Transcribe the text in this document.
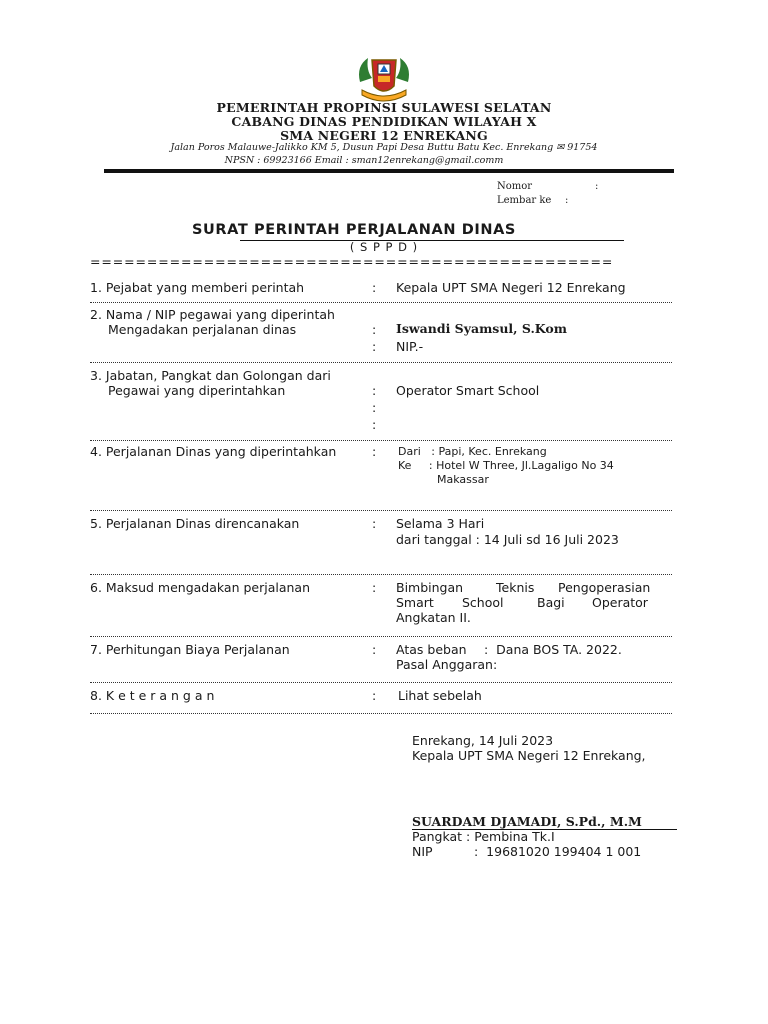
PEMERINTAH PROPINSI SULAWESI SELATAN
CABANG DINAS PENDIDIKAN WILAYAH X
SMA NEGERI 12 ENREKANG
Jalan Poros Malauwe-Jalikko KM 5, Dusun Papi Desa Buttu Batu Kec. Enrekang ✉ 91754
NPSN : 69923166 Email : sman12enrekang@gmail.comm
Nomor	:
Lembar ke :
SURAT PERINTAH PERJALANAN DINAS
( S P P D )
==============================================
1. Pejabat yang memberi perintah	: Kepala UPT SMA Negeri 12 Enrekang
2. Nama / NIP pegawai yang diperintah
Mengadakan perjalanan dinas	: Iswandi Syamsul, S.Kom
: NIP.-
3. Jabatan, Pangkat dan Golongan dari
Pegawai yang diperintahkan	: Operator Smart School
:
:
4. Perjalanan Dinas yang diperintahkan	: Dari   : Papi, Kec. Enrekang
Ke     : Hotel W Three, Jl.Lagaligo No 34
Makassar
5. Perjalanan Dinas direncanakan	: Selama 3 Hari
dari tanggal : 14 Juli sd 16 Juli 2023
6. Maksud mengadakan perjalanan	: Bimbingan	Teknis Pengoperasian
Smart School	Bagi Operator
Angkatan II.
7. Perhitungan Biaya Perjalanan	: Atas beban :  Dana BOS TA. 2022.
Pasal Anggaran:
8. K e t e r a n g a n	: Lihat sebelah
Enrekang, 14 Juli 2023
Kepala UPT SMA Negeri 12 Enrekang,
SUARDAM DJAMADI, S.Pd., M.M
Pangkat : Pembina Tk.I
NIP	:  19681020 199404 1 001
